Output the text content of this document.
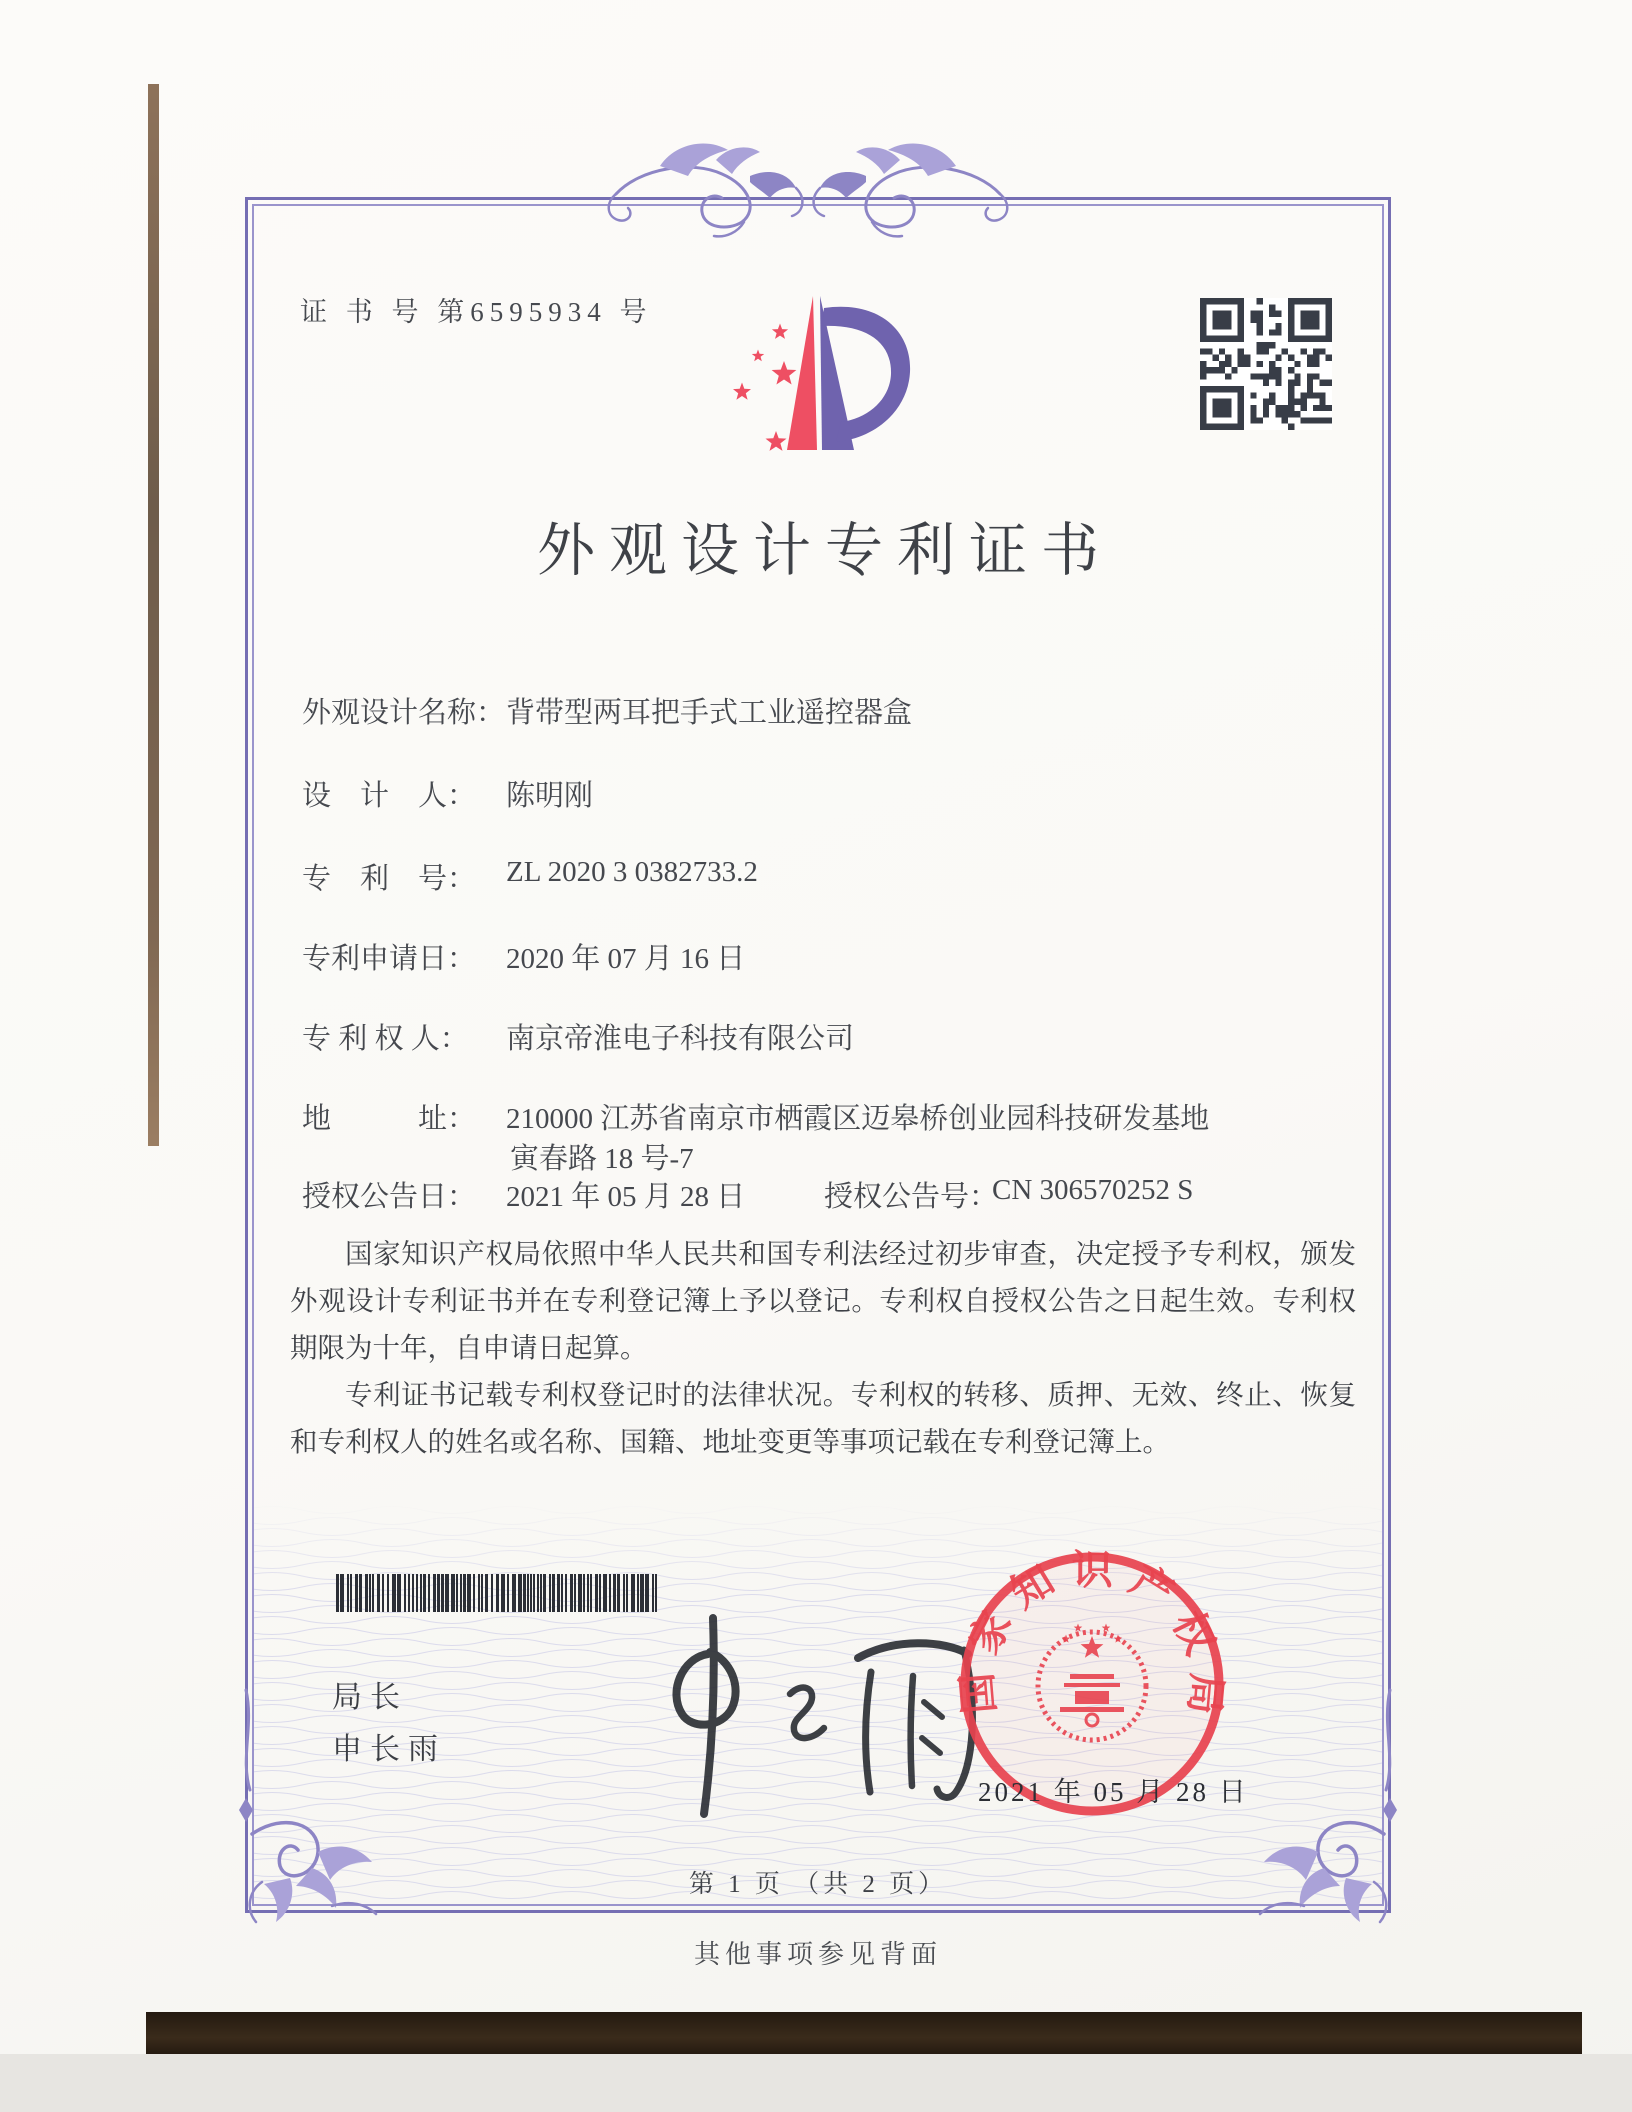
证 书 号 第6595934 号
外观设计专利证书
外观设计名称： 背带型两耳把手式工业遥控器盒
设　计　人： 陈明刚
专　利　号： ZL 2020 3 0382733.2
专利申请日： 2020 年 07 月 16 日
专 利 权 人： 南京帝淮电子科技有限公司
地　　　址： 210000 江苏省南京市栖霞区迈皋桥创业园科技研发基地
寅春路 18 号-7
授权公告日： 2021 年 05 月 28 日	授权公告号：
CN 306570252 S

国家知识产权局依照中华人民共和国专利法经过初步审查，决定授予专利权，颁发外观设计专利证书并在专利登记簿上予以登记。专利权自授权公告之日起生效。专利权期限为十年，自申请日起算。

专利证书记载专利权登记时的法律状况。专利权的转移、质押、无效、终止、恢复和专利权人的姓名或名称、国籍、地址变更等事项记载在专利登记簿上。

局长
申长雨
国家知识产权局
2021 年 05 月 28 日
第 1 页 （共 2 页）
其他事项参见背面
